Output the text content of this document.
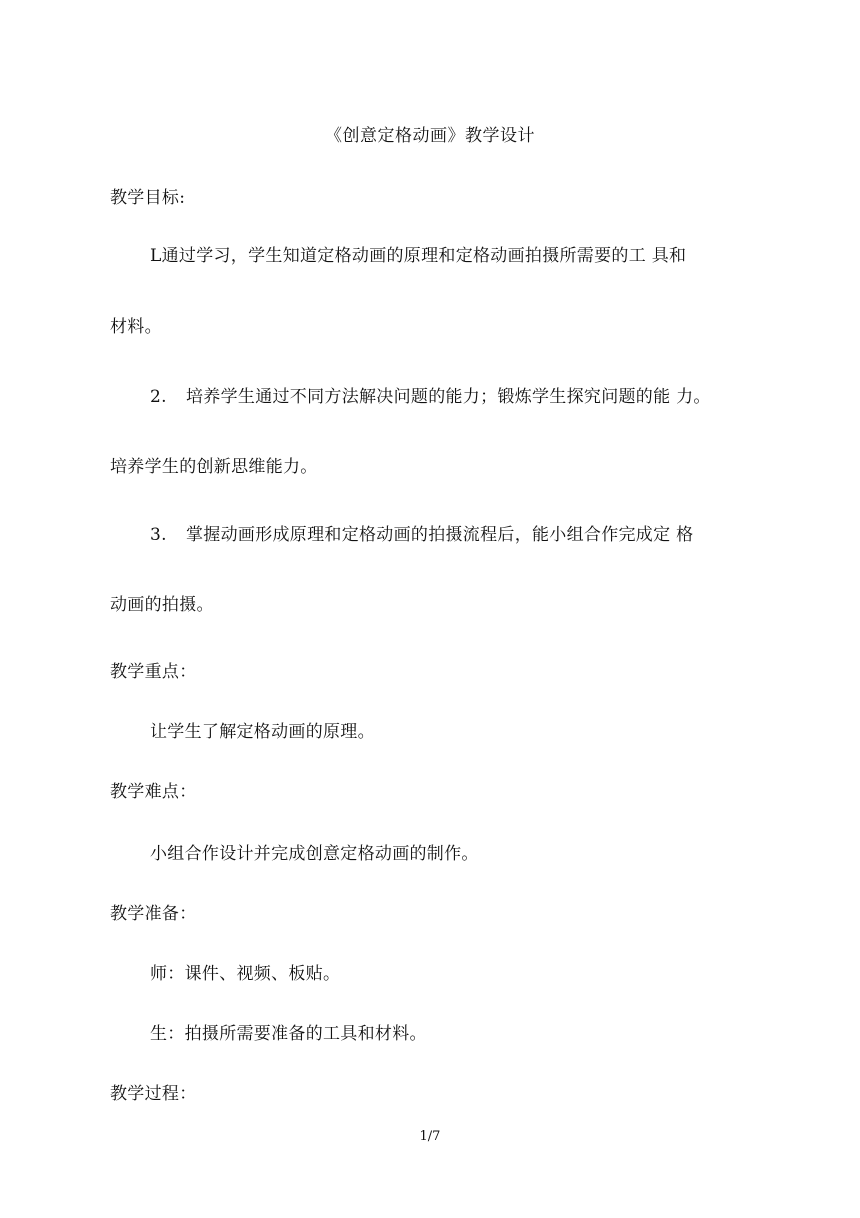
《创意定格动画》教学设计
教学目标:
L通过学习，学生知道定格动画的原理和定格动画拍摄所需要的工 具和
材料。
2. 培养学生通过不同方法解决问题的能力；锻炼学生探究问题的能 力。
培养学生的创新思维能力。
3. 掌握动画形成原理和定格动画的拍摄流程后，能小组合作完成定 格
动画的拍摄。
教学重点：
让学生了解定格动画的原理。
教学难点：
小组合作设计并完成创意定格动画的制作。
教学准备：
师：课件、视频、板贴。
生：拍摄所需要准备的工具和材料。
教学过程：
1/7
